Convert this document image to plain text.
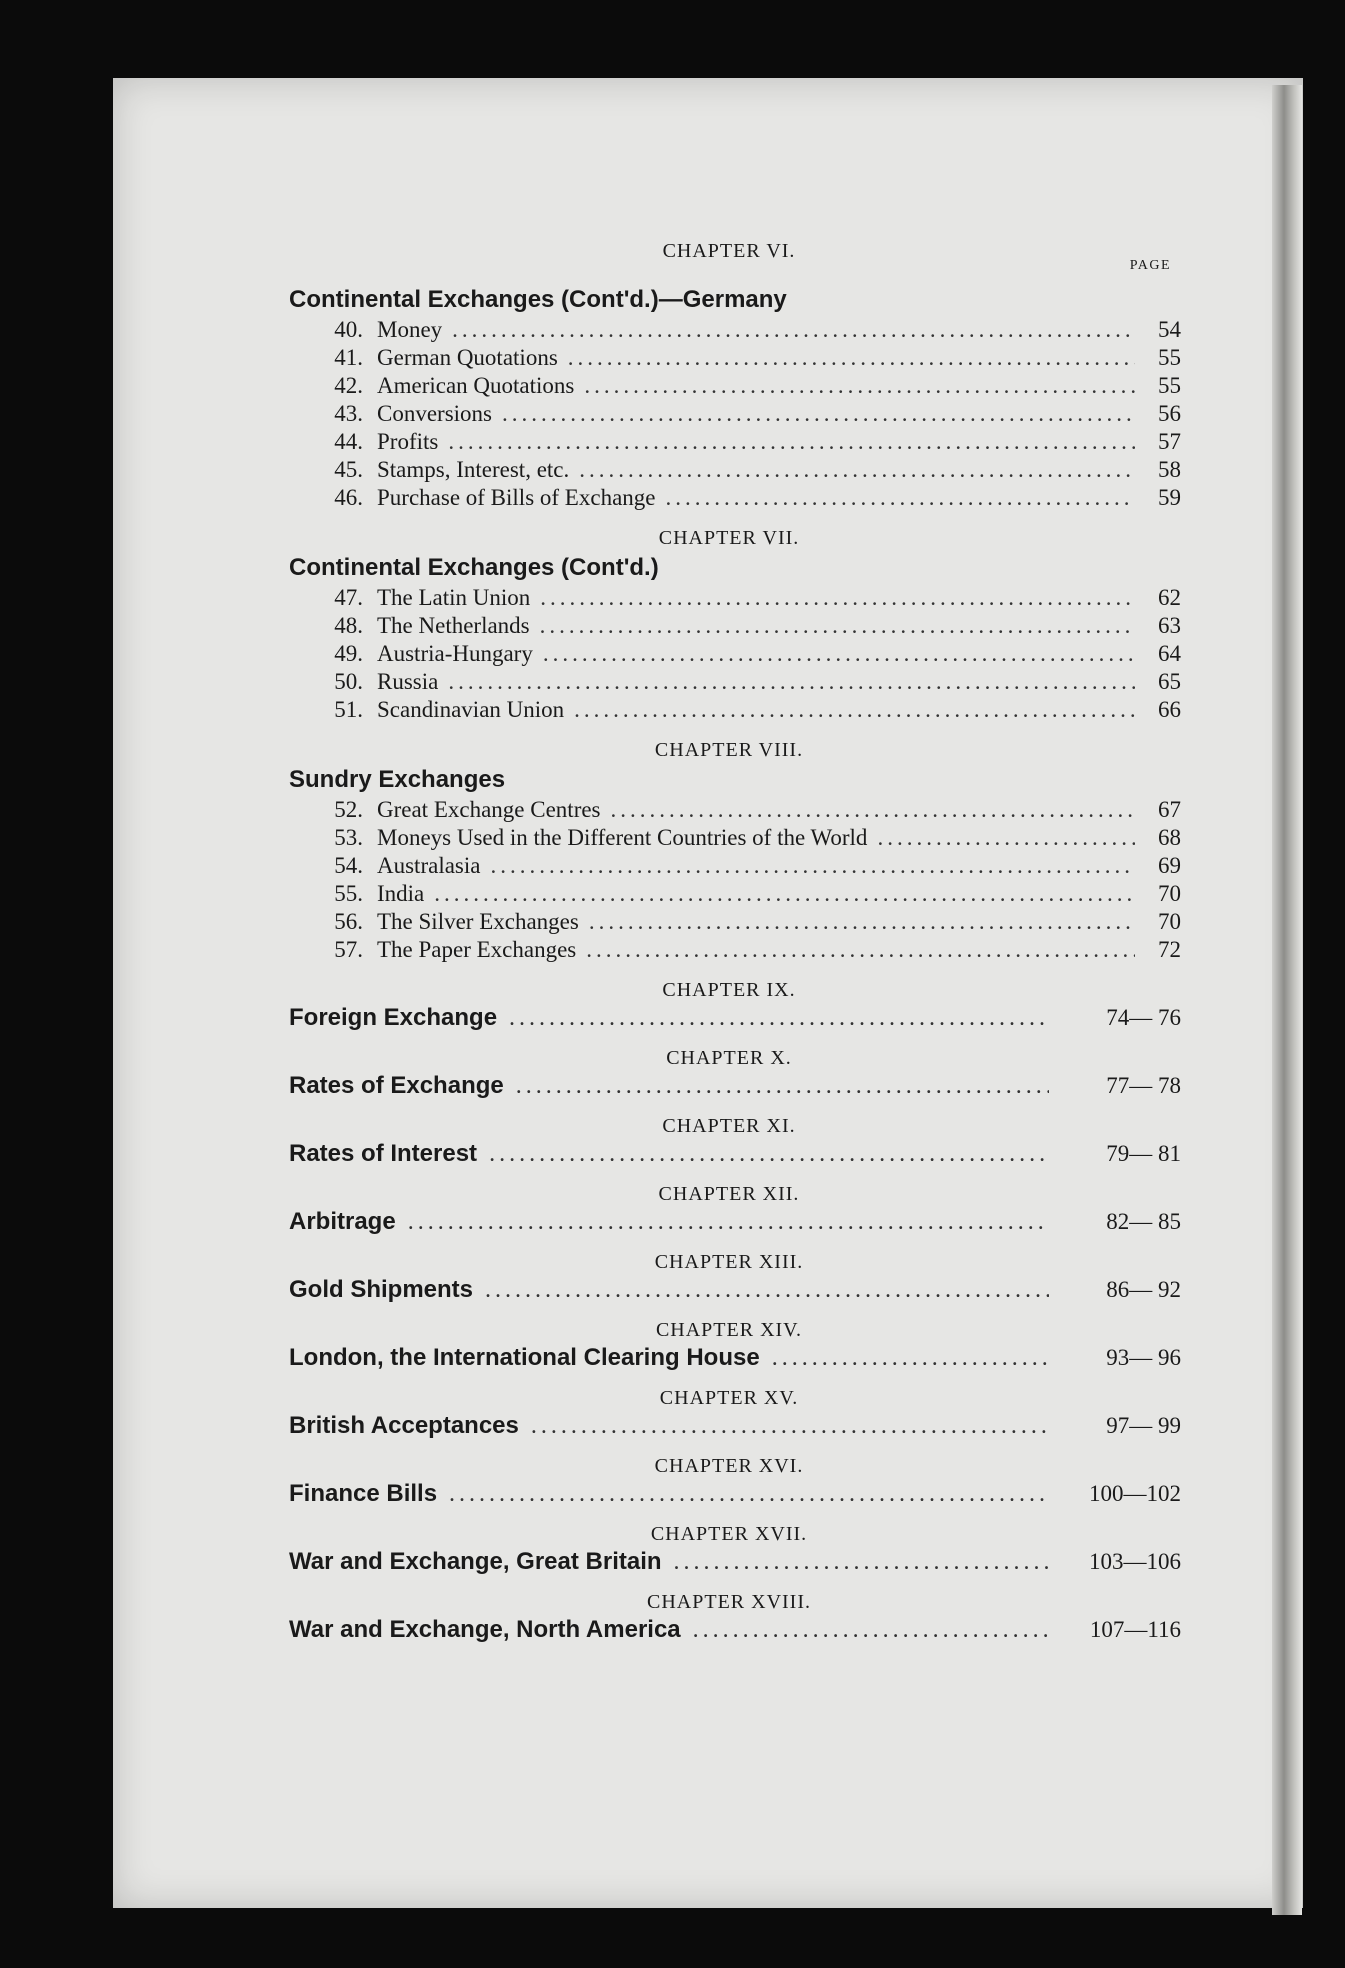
CHAPTER VI.
PAGE
Continental Exchanges (Cont'd.)—Germany
40. Money .....	54
41. German Quotations .....	55
42. American Quotations .....	55
43. Conversions .....	56
44. Profits .....	57
45. Stamps, Interest, etc. .....	58
46. Purchase of Bills of Exchange .....	59
CHAPTER VII.
Continental Exchanges (Cont'd.)
47. The Latin Union .....	62
48. The Netherlands .....	63
49. Austria-Hungary .....	64
50. Russia .....	65
51. Scandinavian Union .....	66
CHAPTER VIII.
Sundry Exchanges
52. Great Exchange Centres .....	67
53. Moneys Used in the Different Countries of the World .....	68
54. Australasia .....	69
55. India .....	70
56. The Silver Exchanges .....	70
57. The Paper Exchanges .....	72
CHAPTER IX.
Foreign Exchange .....	74— 76
CHAPTER X.
Rates of Exchange .....	77— 78
CHAPTER XI.
Rates of Interest .....	79— 81
CHAPTER XII.
Arbitrage .....	82— 85
CHAPTER XIII.
Gold Shipments .....	86— 92
CHAPTER XIV.
London, the International Clearing House .....	93— 96
CHAPTER XV.
British Acceptances .....	97— 99
CHAPTER XVI.
Finance Bills .....	100—102
CHAPTER XVII.
War and Exchange, Great Britain .....	103—106
CHAPTER XVIII.
War and Exchange, North America .....	107—116
